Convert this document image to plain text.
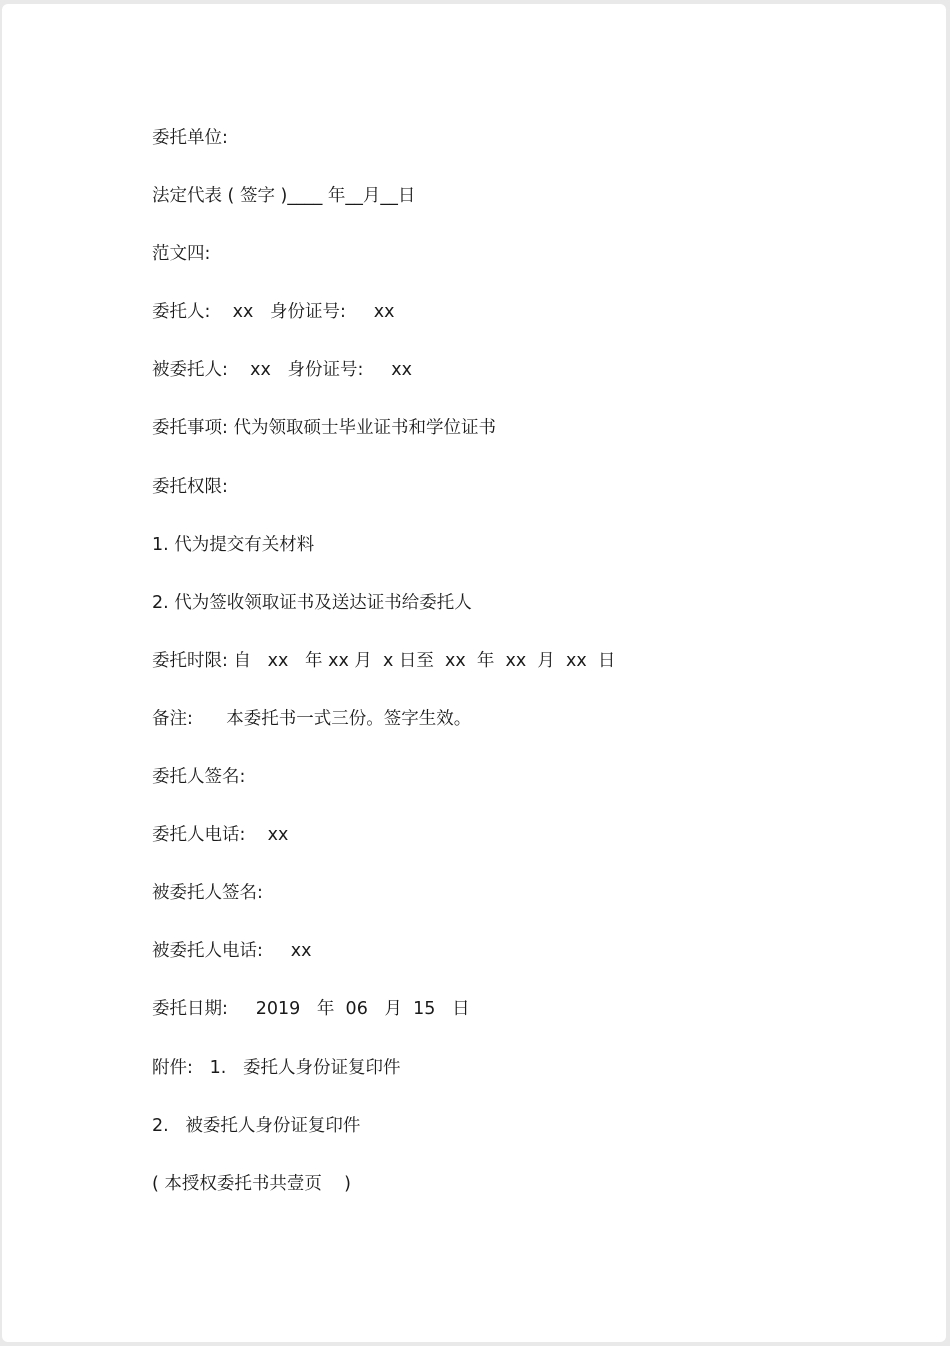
委托单位:
法定代表 ( 签字 )____ 年__月__日
范文四:
委托人:    xx   身份证号:     xx
被委托人:    xx   身份证号:     xx
委托事项: 代为领取硕士毕业证书和学位证书
委托权限:
1. 代为提交有关材料
2. 代为签收领取证书及送达证书给委托人
委托时限: 自   xx   年 xx 月  x 日至  xx  年  xx  月  xx  日
备注:      本委托书一式三份。签字生效。
委托人签名:
委托人电话:    xx
被委托人签名:
被委托人电话:     xx
委托日期:     2019   年  06   月  15   日
附件:   1.   委托人身份证复印件
2.   被委托人身份证复印件
( 本授权委托书共壹页    )
